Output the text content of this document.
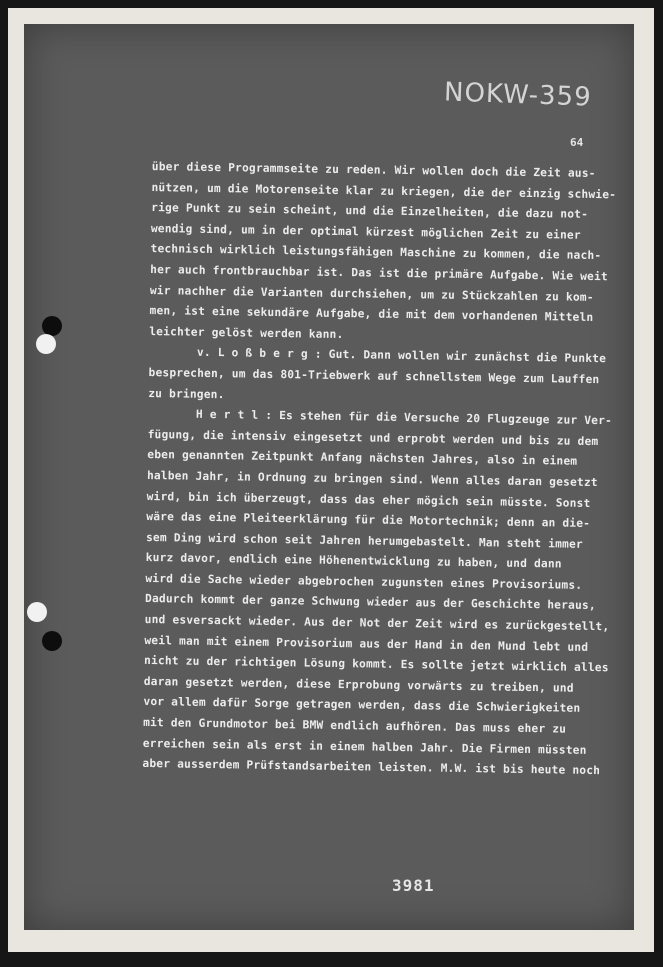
NOKW-359
64

über diese Programmseite zu reden. Wir wollen doch die Zeit aus-

nützen, um die Motorenseite klar zu kriegen, die der einzig schwie-

rige Punkt zu sein scheint, und die Einzelheiten, die dazu not-

wendig sind, um in der optimal kürzest möglichen Zeit zu einer

technisch wirklich leistungsfähigen Maschine zu kommen, die nach-

her auch frontbrauchbar ist. Das ist die primäre Aufgabe. Wie weit

wir nachher die Varianten durchsiehen, um zu Stückzahlen zu kom-

men, ist eine sekundäre Aufgabe, die mit dem vorhandenen Mitteln

leichter gelöst werden kann.

v. L o ß b e r g : Gut. Dann wollen wir zunächst die Punkte

besprechen, um das 801-Triebwerk auf schnellstem Wege zum Lauffen

zu bringen.

H e r t l : Es stehen für die Versuche 20 Flugzeuge zur Ver-

fügung, die intensiv eingesetzt und erprobt werden und bis zu dem

eben genannten Zeitpunkt Anfang nächsten Jahres, also in einem

halben Jahr, in Ordnung zu bringen sind. Wenn alles daran gesetzt

wird, bin ich überzeugt, dass das eher mögich sein müsste. Sonst

wäre das eine Pleiteerklärung für die Motortechnik; denn an die-

sem Ding wird schon seit Jahren herumgebastelt. Man steht immer

kurz davor, endlich eine Höhenentwicklung zu haben, und dann

wird die Sache wieder abgebrochen zugunsten eines Provisoriums.

Dadurch kommt der ganze Schwung wieder aus der Geschichte heraus,

und esversackt wieder. Aus der Not der Zeit wird es zurückgestellt,

weil man mit einem Provisorium aus der Hand in den Mund lebt und

nicht zu der richtigen Lösung kommt. Es sollte jetzt wirklich alles

daran gesetzt werden, diese Erprobung vorwärts zu treiben, und

vor allem dafür Sorge getragen werden, dass die Schwierigkeiten

mit den Grundmotor bei BMW endlich aufhören. Das muss eher zu

erreichen sein als erst in einem halben Jahr. Die Firmen müssten

aber ausserdem Prüfstandsarbeiten leisten. M.W. ist bis heute noch

3981
